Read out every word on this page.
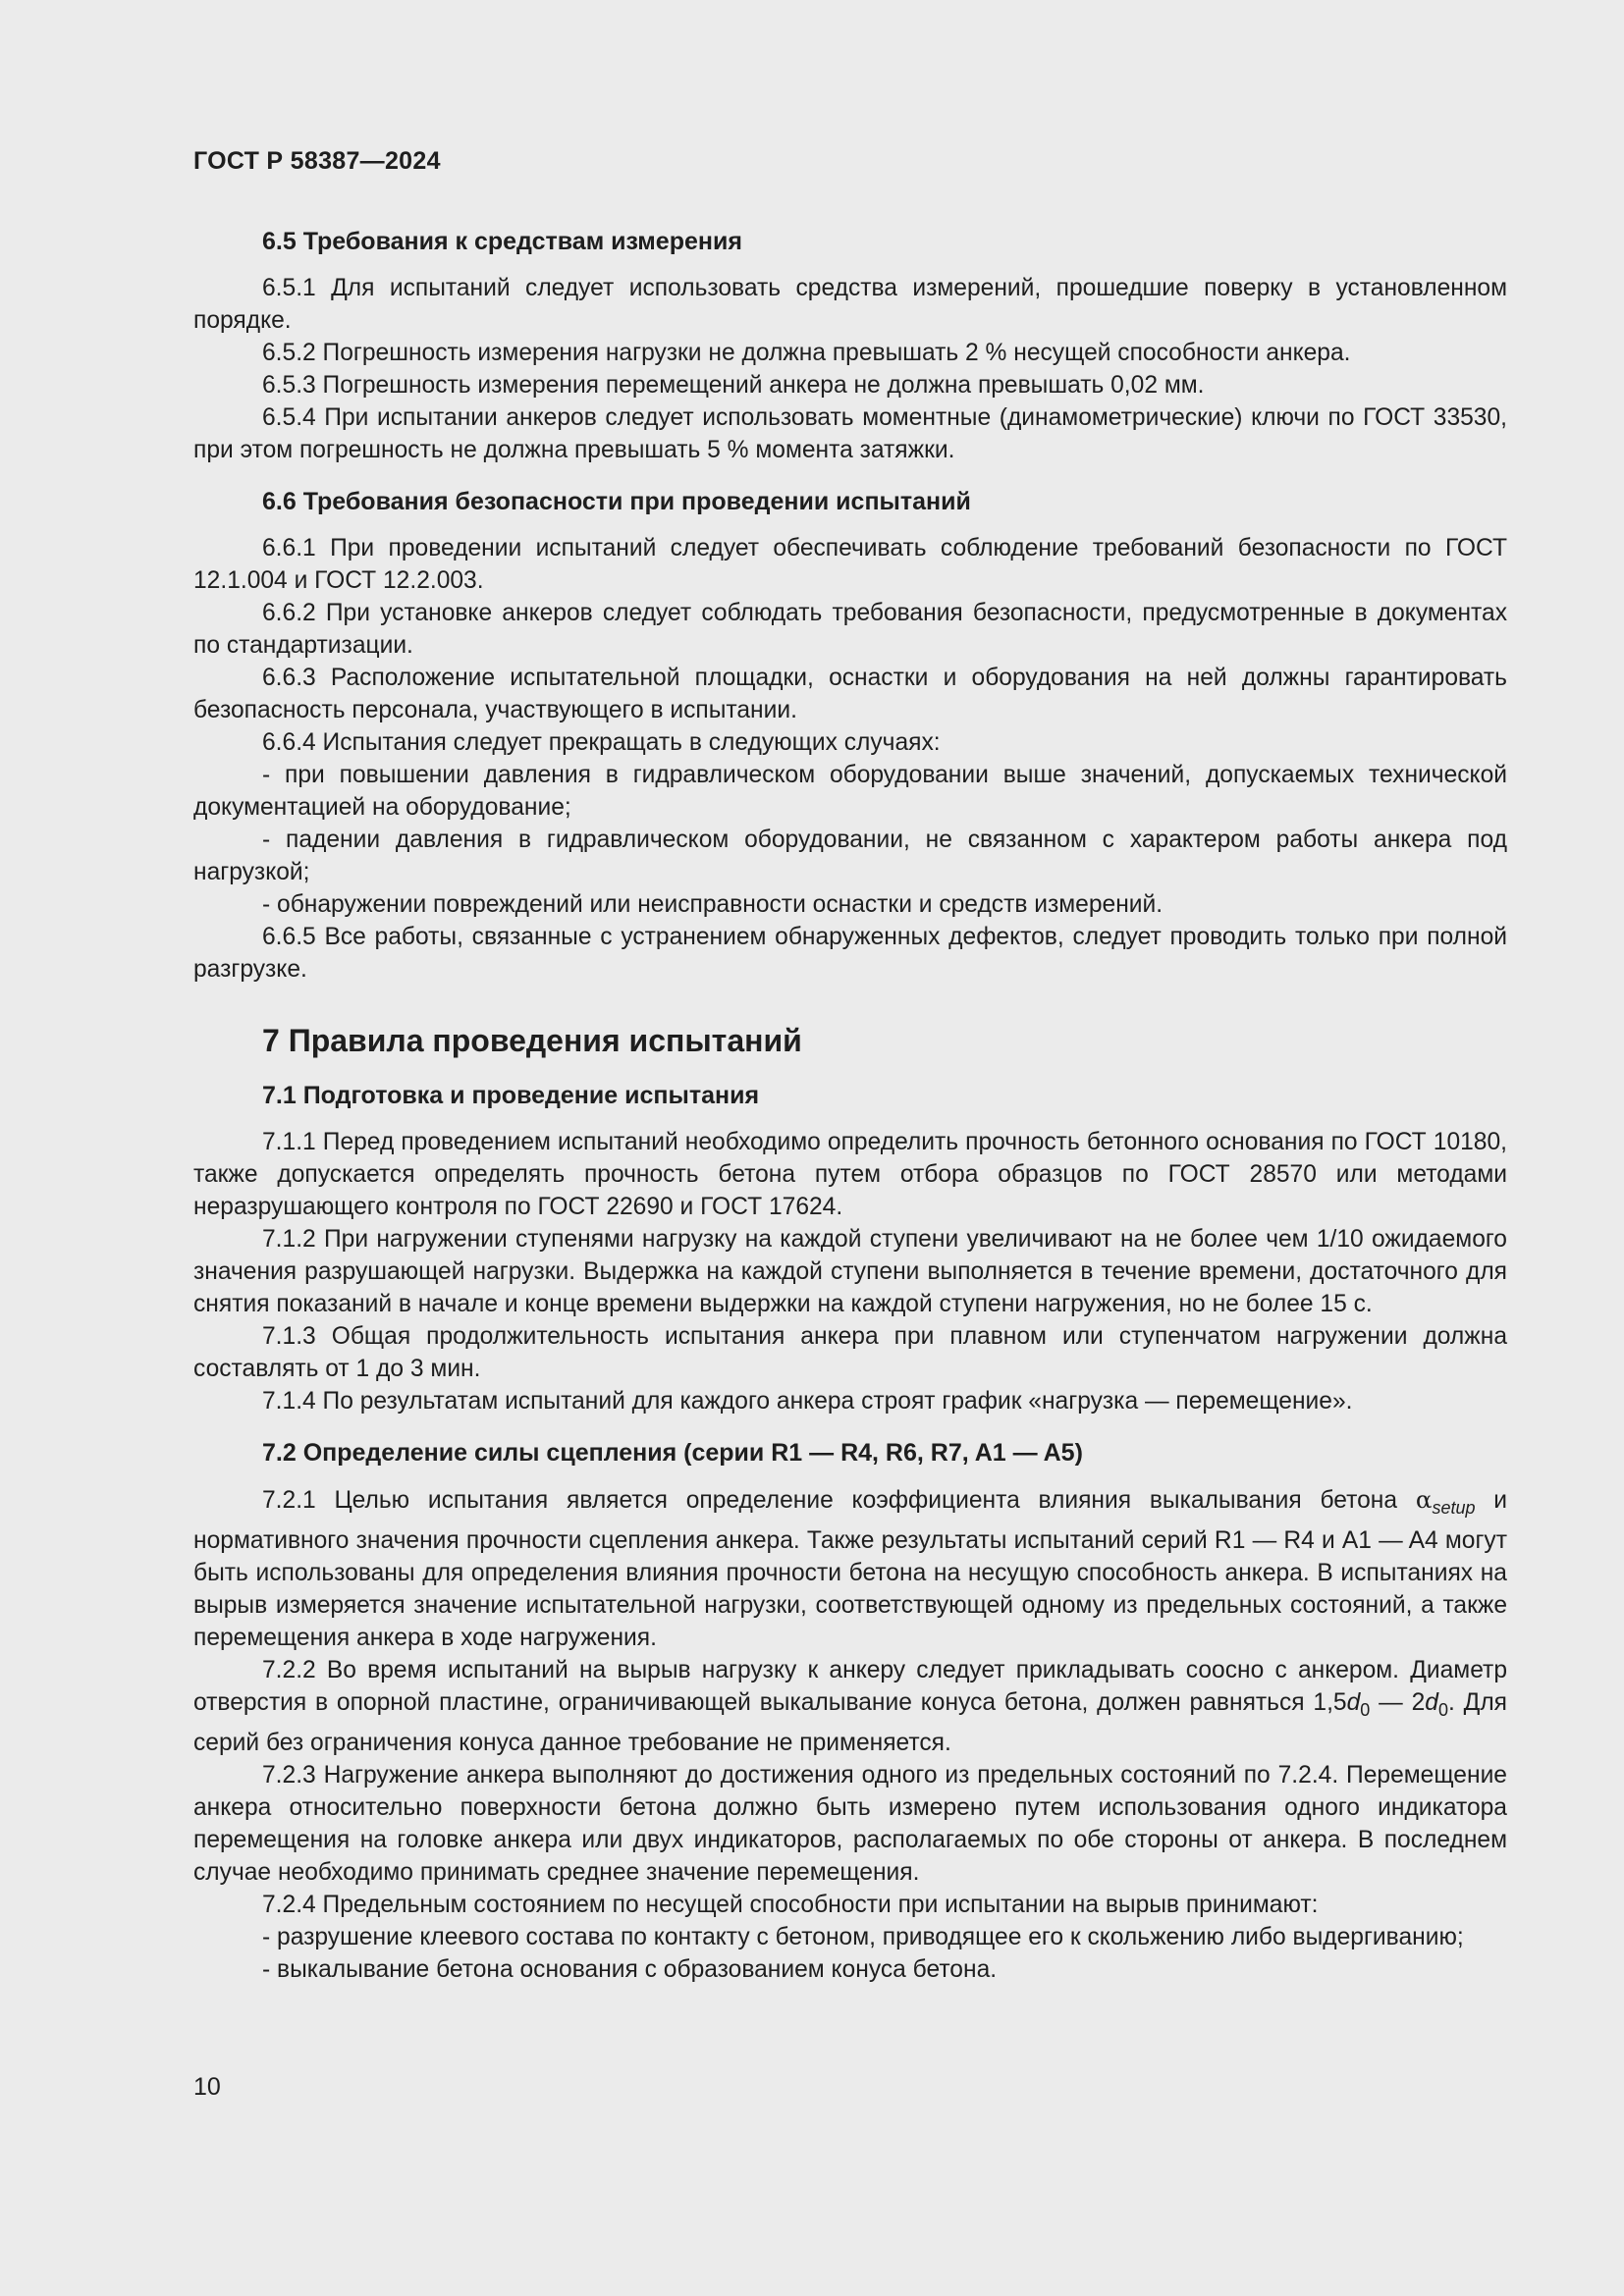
ГОСТ Р 58387—2024
6.5 Требования к средствам измерения

6.5.1 Для испытаний следует использовать средства измерений, прошедшие поверку в установленном порядке.

6.5.2 Погрешность измерения нагрузки не должна превышать 2 % несущей способности анкера.

6.5.3 Погрешность измерения перемещений анкера не должна превышать 0,02 мм.

6.5.4 При испытании анкеров следует использовать моментные (динамометрические) ключи по ГОСТ 33530, при этом погрешность не должна превышать 5 % момента затяжки.

6.6 Требования безопасности при проведении испытаний

6.6.1 При проведении испытаний следует обеспечивать соблюдение требований безопасности по ГОСТ 12.1.004 и ГОСТ 12.2.003.

6.6.2 При установке анкеров следует соблюдать требования безопасности, предусмотренные в документах по стандартизации.

6.6.3 Расположение испытательной площадки, оснастки и оборудования на ней должны гарантировать безопасность персонала, участвующего в испытании.

6.6.4 Испытания следует прекращать в следующих случаях:

- при повышении давления в гидравлическом оборудовании выше значений, допускаемых технической документацией на оборудование;

- падении давления в гидравлическом оборудовании, не связанном с характером работы анкера под нагрузкой;

- обнаружении повреждений или неисправности оснастки и средств измерений.

6.6.5 Все работы, связанные с устранением обнаруженных дефектов, следует проводить только при полной разгрузке.

7 Правила проведения испытаний
7.1 Подготовка и проведение испытания

7.1.1 Перед проведением испытаний необходимо определить прочность бетонного основания по ГОСТ 10180, также допускается определять прочность бетона путем отбора образцов по ГОСТ 28570 или методами неразрушающего контроля по ГОСТ 22690 и ГОСТ 17624.

7.1.2 При нагружении ступенями нагрузку на каждой ступени увеличивают на не более чем 1/10 ожидаемого значения разрушающей нагрузки. Выдержка на каждой ступени выполняется в течение времени, достаточного для снятия показаний в начале и конце времени выдержки на каждой ступени нагружения, но не более 15 с.

7.1.3 Общая продолжительность испытания анкера при плавном или ступенчатом нагружении должна составлять от 1 до 3 мин.

7.1.4 По результатам испытаний для каждого анкера строят график «нагрузка — перемещение».

7.2 Определение силы сцепления (серии R1 — R4, R6, R7, A1 — A5)

7.2.1 Целью испытания является определение коэффициента влияния выкалывания бетона $\alpha_{setup}$ и нормативного значения прочности сцепления анкера. Также результаты испытаний серий R1 — R4 и A1 — A4 могут быть использованы для определения влияния прочности бетона на несущую способность анкера. В испытаниях на вырыв измеряется значение испытательной нагрузки, соответствующей одному из предельных состояний, а также перемещения анкера в ходе нагружения.

7.2.2 Во время испытаний на вырыв нагрузку к анкеру следует прикладывать соосно с анкером. Диаметр отверстия в опорной пластине, ограничивающей выкалывание конуса бетона, должен равняться $1,5d_0$ — $2d_0$. Для серий без ограничения конуса данное требование не применяется.

7.2.3 Нагружение анкера выполняют до достижения одного из предельных состояний по 7.2.4. Перемещение анкера относительно поверхности бетона должно быть измерено путем использования одного индикатора перемещения на головке анкера или двух индикаторов, располагаемых по обе стороны от анкера. В последнем случае необходимо принимать среднее значение перемещения.

7.2.4 Предельным состоянием по несущей способности при испытании на вырыв принимают:

- разрушение клеевого состава по контакту с бетоном, приводящее его к скольжению либо выдергиванию;

- выкалывание бетона основания с образованием конуса бетона.

10
